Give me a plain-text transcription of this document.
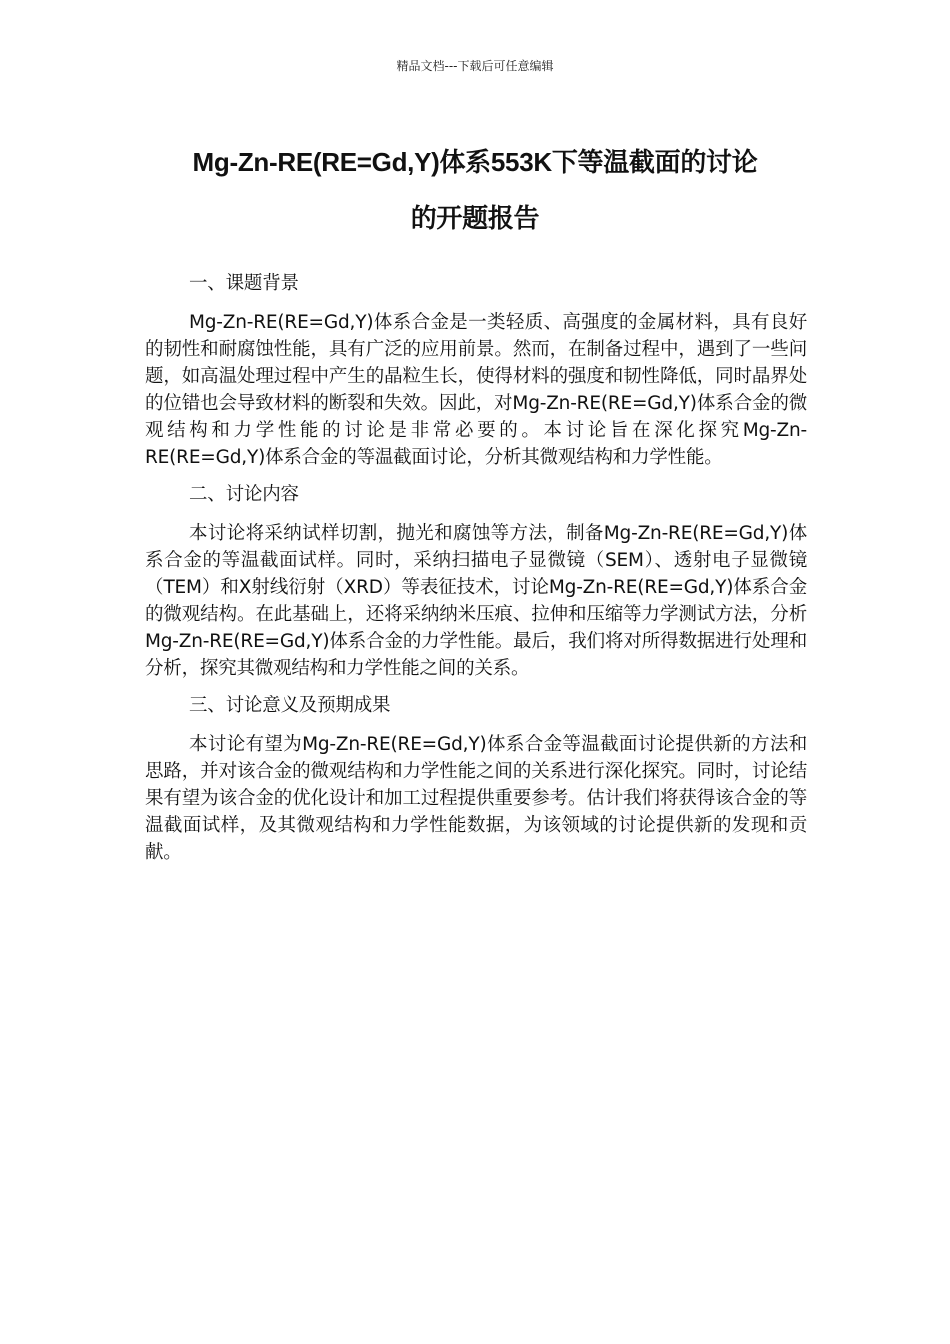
精品文档---下载后可任意编辑
Mg-Zn-RE(RE=Gd,Y)体系553K下等温截面的讨论
的开题报告

一、课题背景

Mg-Zn-RE(RE=Gd,Y)体系合金是一类轻质、高强度的金属材料，具有良好的韧性和耐腐蚀性能，具有广泛的应用前景。然而，在制备过程中，遇到了一些问题，如高温处理过程中产生的晶粒生长，使得材料的强度和韧性降低，同时晶界处的位错也会导致材料的断裂和失效。因此，对Mg-Zn-RE(RE=Gd,Y)体系合金的微观结构和力学性能的讨论是非常必要的。本讨论旨在深化探究Mg-Zn-RE(RE=Gd,Y)体系合金的等温截面讨论，分析其微观结构和力学性能。

二、讨论内容

本讨论将采纳试样切割，抛光和腐蚀等方法，制备Mg-Zn-RE(RE=Gd,Y)体系合金的等温截面试样。同时，采纳扫描电子显微镜（SEM）、透射电子显微镜（TEM）和X射线衍射（XRD）等表征技术，讨论Mg-Zn-RE(RE=Gd,Y)体系合金的微观结构。在此基础上，还将采纳纳米压痕、拉伸和压缩等力学测试方法，分析Mg-Zn-RE(RE=Gd,Y)体系合金的力学性能。最后，我们将对所得数据进行处理和分析，探究其微观结构和力学性能之间的关系。

三、讨论意义及预期成果

本讨论有望为Mg-Zn-RE(RE=Gd,Y)体系合金等温截面讨论提供新的方法和思路，并对该合金的微观结构和力学性能之间的关系进行深化探究。同时，讨论结果有望为该合金的优化设计和加工过程提供重要参考。估计我们将获得该合金的等温截面试样，及其微观结构和力学性能数据，为该领域的讨论提供新的发现和贡献。
